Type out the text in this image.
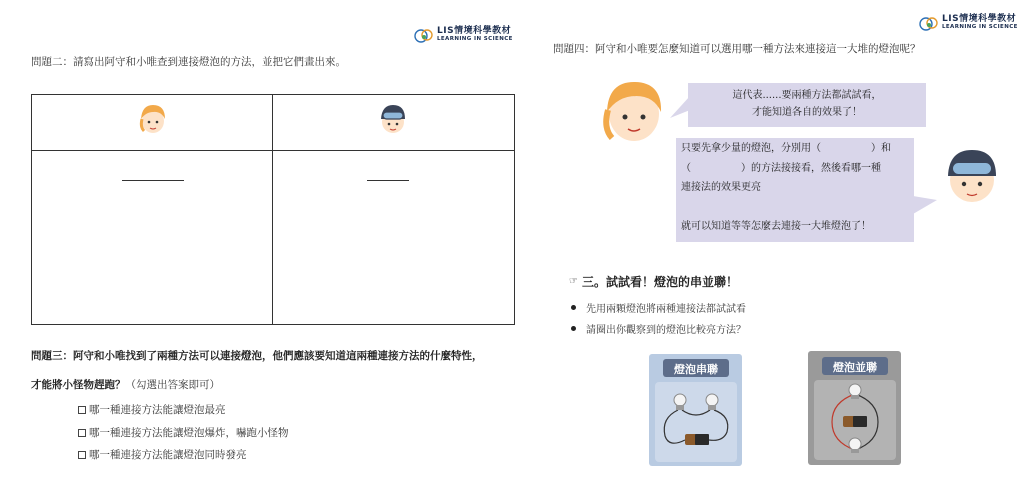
LIS情境科學教材
LEARNING IN SCIENCE
LIS情境科學教材
LEARNING IN SCIENCE
問題二：請寫出阿守和小唯查到連接燈泡的方法，並把它們畫出來。
問題三：阿守和小唯找到了兩種方法可以連接燈泡，他們應該要知道這兩種連接方法的什麼特性，
才能將小怪物趕跑？（勾選出答案即可）
哪一種連接方法能讓燈泡最亮
哪一種連接方法能讓燈泡爆炸，嚇跑小怪物
哪一種連接方法能讓燈泡同時發亮
問題四：阿守和小唯要怎麼知道可以選用哪一種方法來連接這一大堆的燈泡呢？
這代表......要兩種方法都試試看，
才能知道各自的效果了！
只要先拿少量的燈泡，分別用（　　　　　）和
（　　　　　）的方法接接看，然後看哪一種
連接法的效果更亮
就可以知道等等怎麼去連接一大堆燈泡了！
☞ 三。試試看！燈泡的串並聯！
先用兩顆燈泡將兩種連接法都試試看
請圈出你觀察到的燈泡比較亮方法？
燈泡串聯	燈泡並聯
